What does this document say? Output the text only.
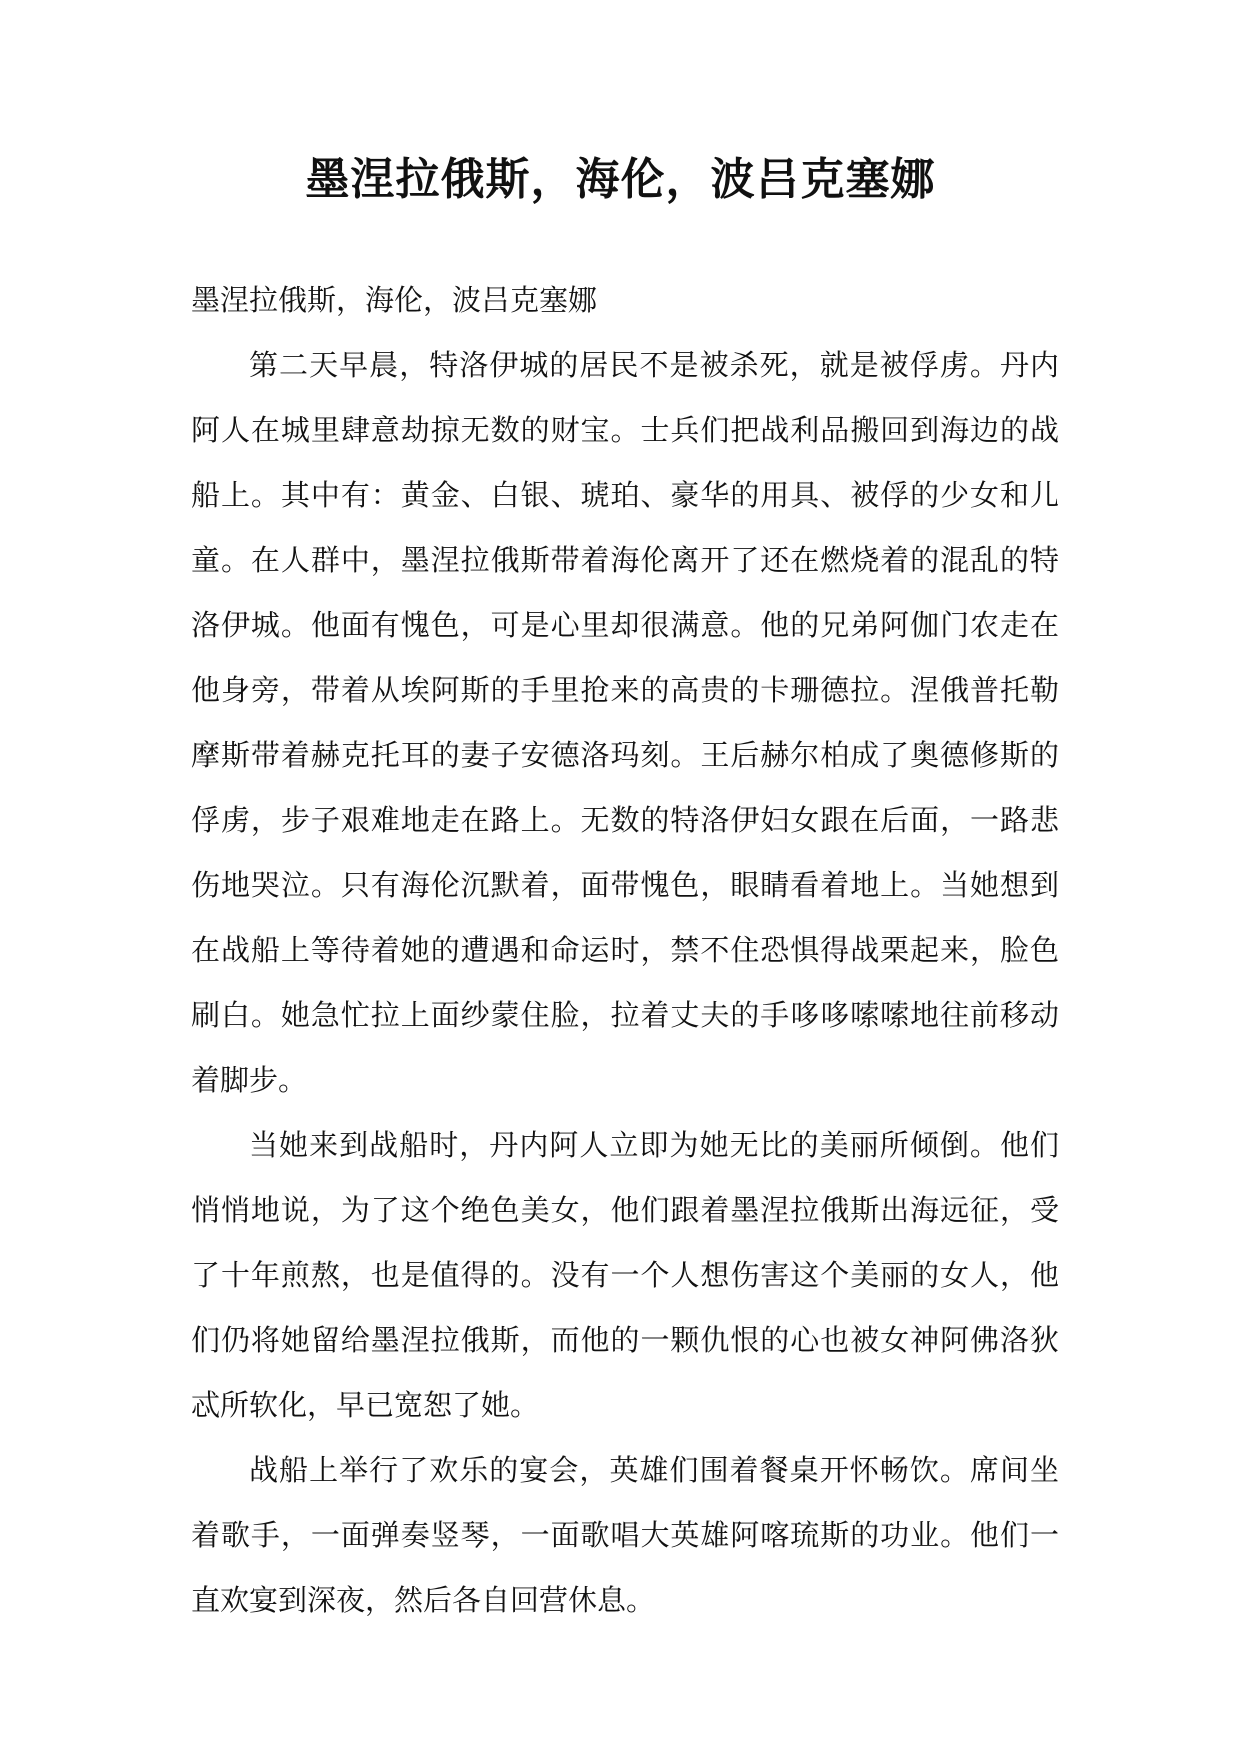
墨涅拉俄斯，海伦，波吕克塞娜

墨涅拉俄斯，海伦，波吕克塞娜

第二天早晨，特洛伊城的居民不是被杀死，就是被俘虏。丹内阿人在城里肆意劫掠无数的财宝。士兵们把战利品搬回到海边的战船上。其中有：黄金、白银、琥珀、豪华的用具、被俘的少女和儿童。在人群中，墨涅拉俄斯带着海伦离开了还在燃烧着的混乱的特洛伊城。他面有愧色，可是心里却很满意。他的兄弟阿伽门农走在他身旁，带着从埃阿斯的手里抢来的高贵的卡珊德拉。涅俄普托勒摩斯带着赫克托耳的妻子安德洛玛刻。王后赫尔柏成了奥德修斯的俘虏，步子艰难地走在路上。无数的特洛伊妇女跟在后面，一路悲伤地哭泣。只有海伦沉默着，面带愧色，眼睛看着地上。当她想到在战船上等待着她的遭遇和命运时，禁不住恐惧得战栗起来，脸色刷白。她急忙拉上面纱蒙住脸，拉着丈夫的手哆哆嗦嗦地往前移动着脚步。

当她来到战船时，丹内阿人立即为她无比的美丽所倾倒。他们悄悄地说，为了这个绝色美女，他们跟着墨涅拉俄斯出海远征，受了十年煎熬，也是值得的。没有一个人想伤害这个美丽的女人，他们仍将她留给墨涅拉俄斯，而他的一颗仇恨的心也被女神阿佛洛狄忒所软化，早已宽恕了她。

战船上举行了欢乐的宴会，英雄们围着餐桌开怀畅饮。席间坐着歌手，一面弹奏竖琴，一面歌唱大英雄阿喀琉斯的功业。他们一直欢宴到深夜，然后各自回营休息。
